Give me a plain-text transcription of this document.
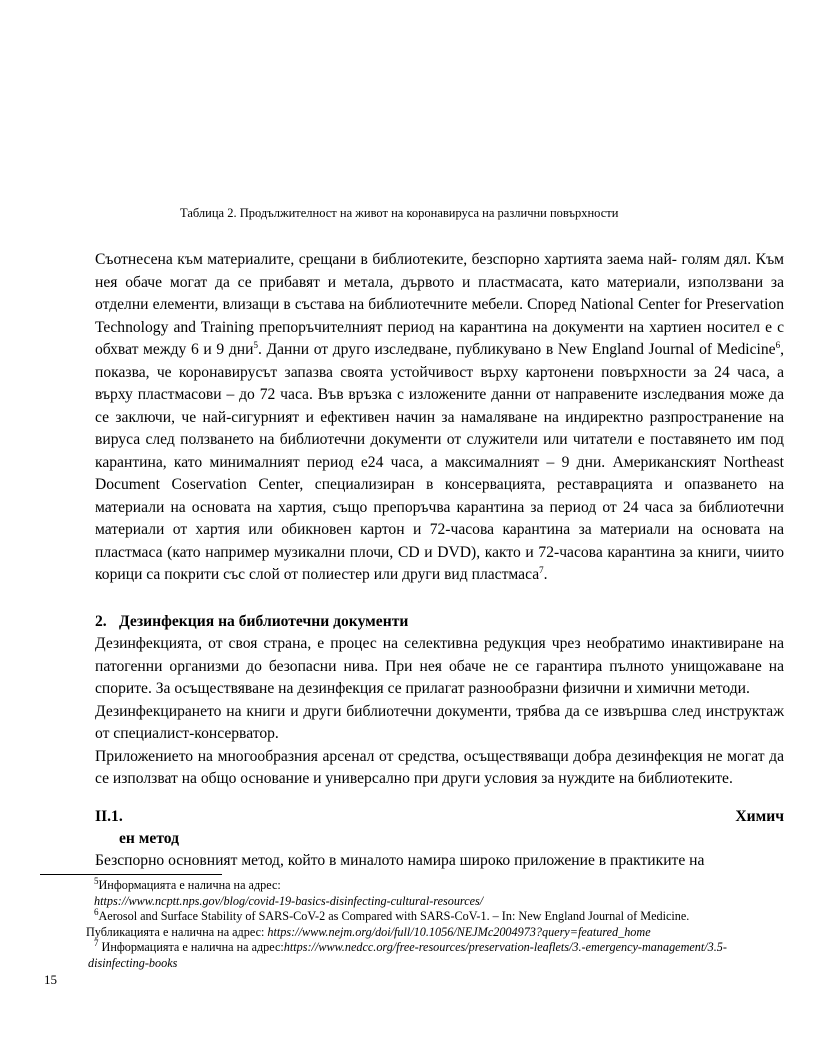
Таблица 2. Продължителност на живот на коронавируса на различни повърхности

Съотнесена към материалите, срещани в библиотеките, безспорно хартията заема най- голям дял. Към нея обаче могат да се прибавят и метала, дървото и пластмасата, като материали, използвани за отделни елементи, влизащи в състава на библиотечните мебели. Според National Center for Preservation Technology and Training препоръчителният период на карантина на документи на хартиен носител е с обхват между 6 и 9 дни$^5$. Данни от друго изследване, публикувано в New England Journal of Medicine$^6$, показва, че коронавирусът запазва своята устойчивост върху картонени повърхности за 24 часа, а върху пластмасови – до 72 часа. Във връзка с изложените данни от направените изследвания може да се заключи, че най-сигурният и ефективен начин за намаляване на индиректно разпространение на вируса след ползването на библиотечни документи от служители или читатели е поставянето им под карантина, като минималният период е24 часа, а максималният – 9 дни. Американският Northeast Document Coservation Center, специализиран в консервацията, реставрацията и опазването на материали на основата на хартия, също препоръчва карантина за период от 24 часа за библиотечни материали от хартия или обикновен картон и 72-часова карантина за материали на основата на пластмаса (като например музикални плочи, CD и DVD), както и 72-часова карантина за книги, чиито корици са покрити със слой от полиестер или други вид пластмаса$^7$.

2. Дезинфекция на библиотечни документи

Дезинфекцията, от своя страна, е процес на селективна редукция чрез необратимо инактивиране на патогенни организми до безопасни нива. При нея обаче не се гарантира пълното унищожаване на спорите. За осъществяване на дезинфекция се прилагат разнообразни физични и химични методи.

Дезинфекцирането на книги и други библиотечни документи, трябва да се извършва след инструктаж от специалист-консерватор.

Приложението на многообразния арсенал от средства, осъществяващи добра дезинфекция не могат да се използват на общо основание и универсално при други условия за нуждите на библиотеките.

II.1.	Химич
ен метод
Безспорно основният метод, който в миналото намира широко приложение в практиките на
$^5$Информацията е налична на адрес:
https://www.ncptt.nps.gov/blog/covid-19-basics-disinfecting-cultural-resources/
$^6$Aerosol and Surface Stability of SARS-CoV-2 as Compared with SARS-CoV-1. – In: New England Journal of Medicine.
Публикацията е налична на адрес: https://www.nejm.org/doi/full/10.1056/NEJMc2004973?query=featured_home
$^7$ Информацията е налична на адрес:https://www.nedcc.org/free-resources/preservation-leaflets/3.-emergency-management/3.5-
disinfecting-books
15
